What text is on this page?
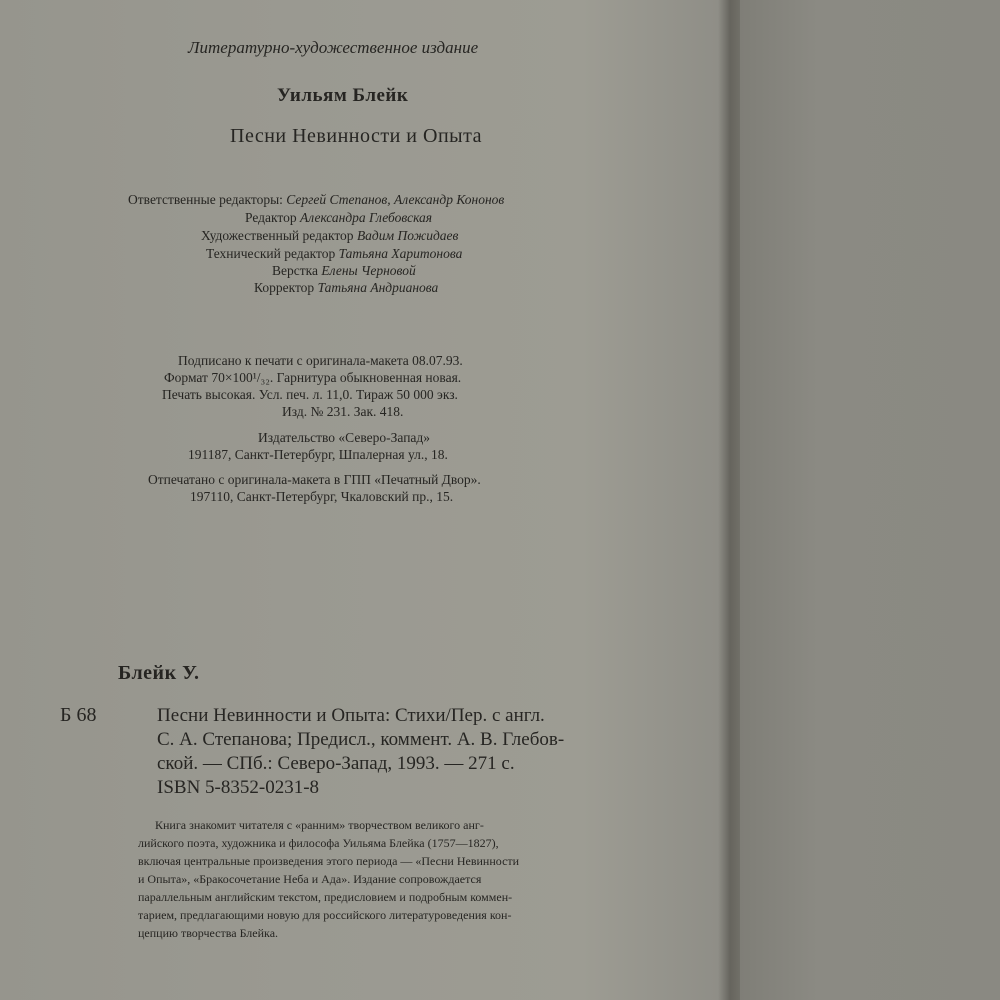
Литературно-художественное издание
Уильям Блейк
Песни Невинности и Опыта
Ответственные редакторы: Сергей Степанов, Александр Кононов
Редактор Александра Глебовская
Художественный редактор Вадим Пожидаев
Технический редактор Татьяна Харитонова
Верстка Елены Черновой
Корректор Татьяна Андрианова
Подписано к печати с оригинала-макета 08.07.93.
Формат 70×100¹/₃₂. Гарнитура обыкновенная новая.
Печать высокая. Усл. печ. л. 11,0. Тираж 50 000 экз.
Изд. № 231. Зак. 418.
Издательство «Северо-Запад»
191187, Санкт-Петербург, Шпалерная ул., 18.
Отпечатано с оригинала-макета в ГПП «Печатный Двор».
197110, Санкт-Петербург, Чкаловский пр., 15.
Блейк У.
Б 68	Песни Невинности и Опыта: Стихи/Пер. с англ.
С. А. Степанова; Предисл., коммент. А. В. Глебов-
ской. — СПб.: Северо-Запад, 1993. — 271 с.
ISBN 5-8352-0231-8
Книга знакомит читателя с «ранним» творчеством великого анг-
лийского поэта, художника и философа Уильяма Блейка (1757—1827),
включая центральные произведения этого периода — «Песни Невинности
и Опыта», «Бракосочетание Неба и Ада». Издание сопровождается
параллельным английским текстом, предисловием и подробным коммен-
тарием, предлагающими новую для российского литературоведения кон-
цепцию творчества Блейка.
